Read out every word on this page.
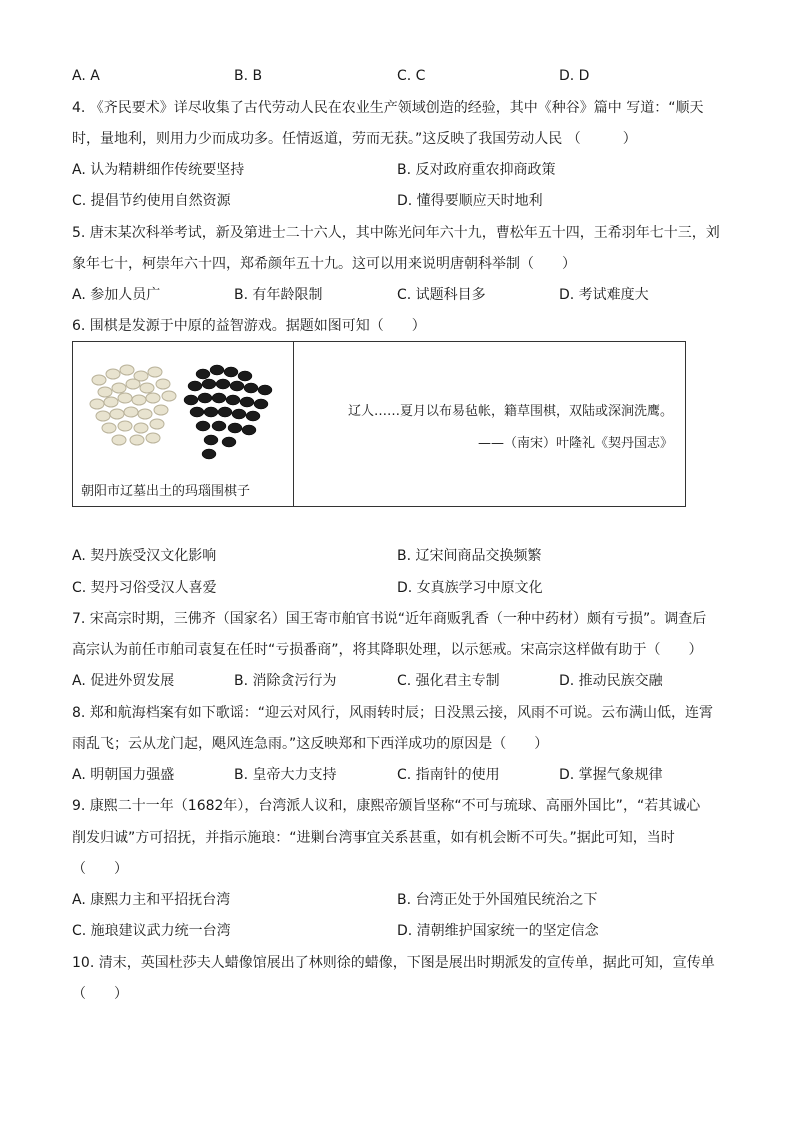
A. A	B. B	C. C	D. D
4. 《齐民要术》详尽收集了古代劳动人民在农业生产领域创造的经验，其中《种谷》篇中 写道：“顺天
时，量地利，则用力少而成功多。任情返道，劳而无获。”这反映了我国劳动人民 （　　　）
A. 认为精耕细作传统要坚持	B. 反对政府重农抑商政策
C. 提倡节约使用自然资源	D. 懂得要顺应天时地利
5. 唐末某次科举考试，新及第进士二十六人，其中陈光问年六十九，曹松年五十四，王希羽年七十三，刘
象年七十，柯崇年六十四，郑希颜年五十九。这可以用来说明唐朝科举制（　　）
A. 参加人员广	B. 有年龄限制	C. 试题科目多	D. 考试难度大
6. 围棋是发源于中原的益智游戏。据题如图可知（　　）
朝阳市辽墓出土的玛瑙围棋子
辽人……夏月以布易毡帐，籍草围棋，双陆或深涧洗鹰。
——（南宋）叶隆礼《契丹国志》
A. 契丹族受汉文化影响	B. 辽宋间商品交换频繁
C. 契丹习俗受汉人喜爱	D. 女真族学习中原文化
7. 宋高宗时期，三佛齐（国家名）国王寄市舶官书说“近年商贩乳香（一种中药材）颇有亏损”。调查后
高宗认为前任市舶司袁复在任时“亏损番商”，将其降职处理，以示惩戒。宋高宗这样做有助于（　　）
A. 促进外贸发展	B. 消除贪污行为	C. 强化君主专制	D. 推动民族交融
8. 郑和航海档案有如下歌谣：“迎云对风行，风雨转时辰；日没黑云接，风雨不可说。云布满山低，连霄
雨乱飞；云从龙门起，飓风连急雨。”这反映郑和下西洋成功的原因是（　　）
A. 明朝国力强盛	B. 皇帝大力支持	C. 指南针的使用	D. 掌握气象规律
9. 康熙二十一年（1682年），台湾派人议和，康熙帝颁旨坚称“不可与琉球、高丽外国比”，“若其诚心
削发归诚”方可招抚，并指示施琅：“进剿台湾事宜关系甚重，如有机会断不可失。”据此可知，当时
（　　）
A. 康熙力主和平招抚台湾	B. 台湾正处于外国殖民统治之下
C. 施琅建议武力统一台湾	D. 清朝维护国家统一的坚定信念
10. 清末，英国杜莎夫人蜡像馆展出了林则徐的蜡像，下图是展出时期派发的宣传单，据此可知，宣传单
（　　）
